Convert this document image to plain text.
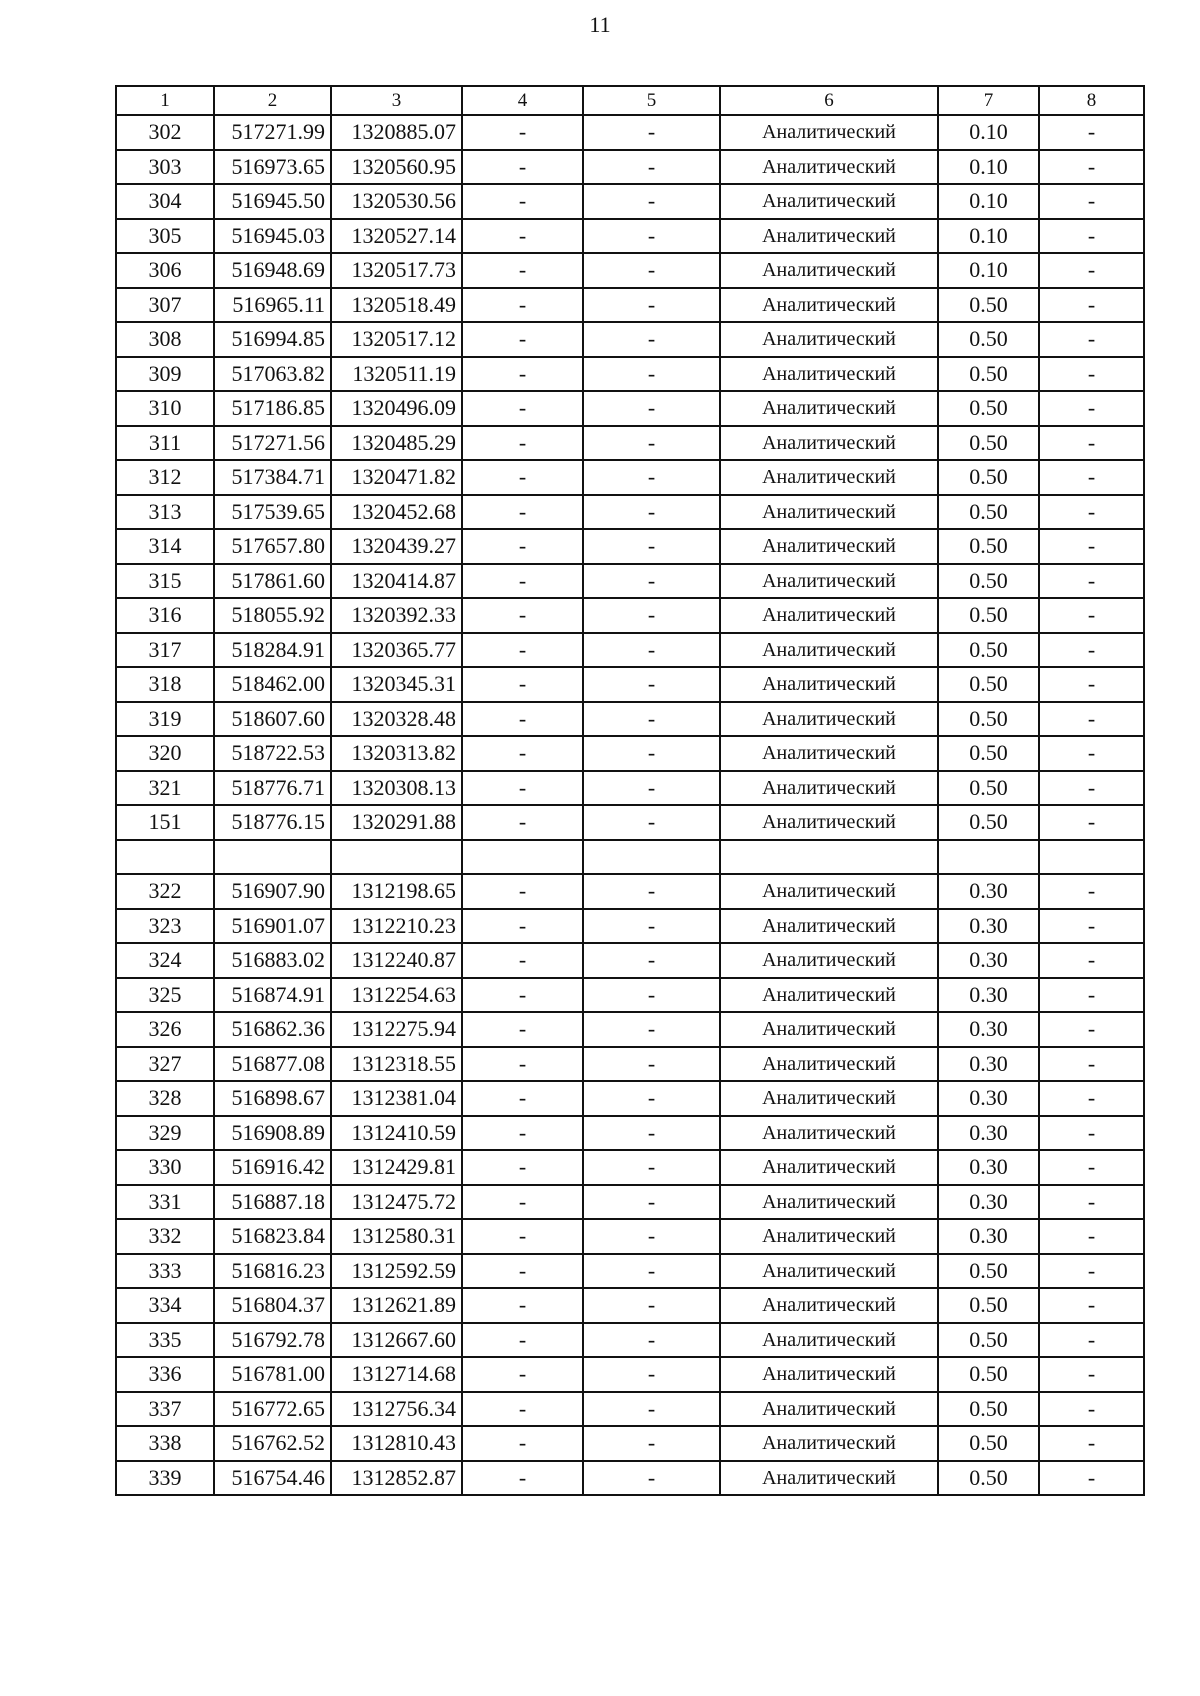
11
1	2	3	4	5	6	7	8
302	517271.99	1320885.07	-	-	Аналитический	0.10	-
303	516973.65	1320560.95	-	-	Аналитический	0.10	-
304	516945.50	1320530.56	-	-	Аналитический	0.10	-
305	516945.03	1320527.14	-	-	Аналитический	0.10	-
306	516948.69	1320517.73	-	-	Аналитический	0.10	-
307	516965.11	1320518.49	-	-	Аналитический	0.50	-
308	516994.85	1320517.12	-	-	Аналитический	0.50	-
309	517063.82	1320511.19	-	-	Аналитический	0.50	-
310	517186.85	1320496.09	-	-	Аналитический	0.50	-
311	517271.56	1320485.29	-	-	Аналитический	0.50	-
312	517384.71	1320471.82	-	-	Аналитический	0.50	-
313	517539.65	1320452.68	-	-	Аналитический	0.50	-
314	517657.80	1320439.27	-	-	Аналитический	0.50	-
315	517861.60	1320414.87	-	-	Аналитический	0.50	-
316	518055.92	1320392.33	-	-	Аналитический	0.50	-
317	518284.91	1320365.77	-	-	Аналитический	0.50	-
318	518462.00	1320345.31	-	-	Аналитический	0.50	-
319	518607.60	1320328.48	-	-	Аналитический	0.50	-
320	518722.53	1320313.82	-	-	Аналитический	0.50	-
321	518776.71	1320308.13	-	-	Аналитический	0.50	-
151	518776.15	1320291.88	-	-	Аналитический	0.50	-

322	516907.90	1312198.65	-	-	Аналитический	0.30	-
323	516901.07	1312210.23	-	-	Аналитический	0.30	-
324	516883.02	1312240.87	-	-	Аналитический	0.30	-
325	516874.91	1312254.63	-	-	Аналитический	0.30	-
326	516862.36	1312275.94	-	-	Аналитический	0.30	-
327	516877.08	1312318.55	-	-	Аналитический	0.30	-
328	516898.67	1312381.04	-	-	Аналитический	0.30	-
329	516908.89	1312410.59	-	-	Аналитический	0.30	-
330	516916.42	1312429.81	-	-	Аналитический	0.30	-
331	516887.18	1312475.72	-	-	Аналитический	0.30	-
332	516823.84	1312580.31	-	-	Аналитический	0.30	-
333	516816.23	1312592.59	-	-	Аналитический	0.50	-
334	516804.37	1312621.89	-	-	Аналитический	0.50	-
335	516792.78	1312667.60	-	-	Аналитический	0.50	-
336	516781.00	1312714.68	-	-	Аналитический	0.50	-
337	516772.65	1312756.34	-	-	Аналитический	0.50	-
338	516762.52	1312810.43	-	-	Аналитический	0.50	-
339	516754.46	1312852.87	-	-	Аналитический	0.50	-
